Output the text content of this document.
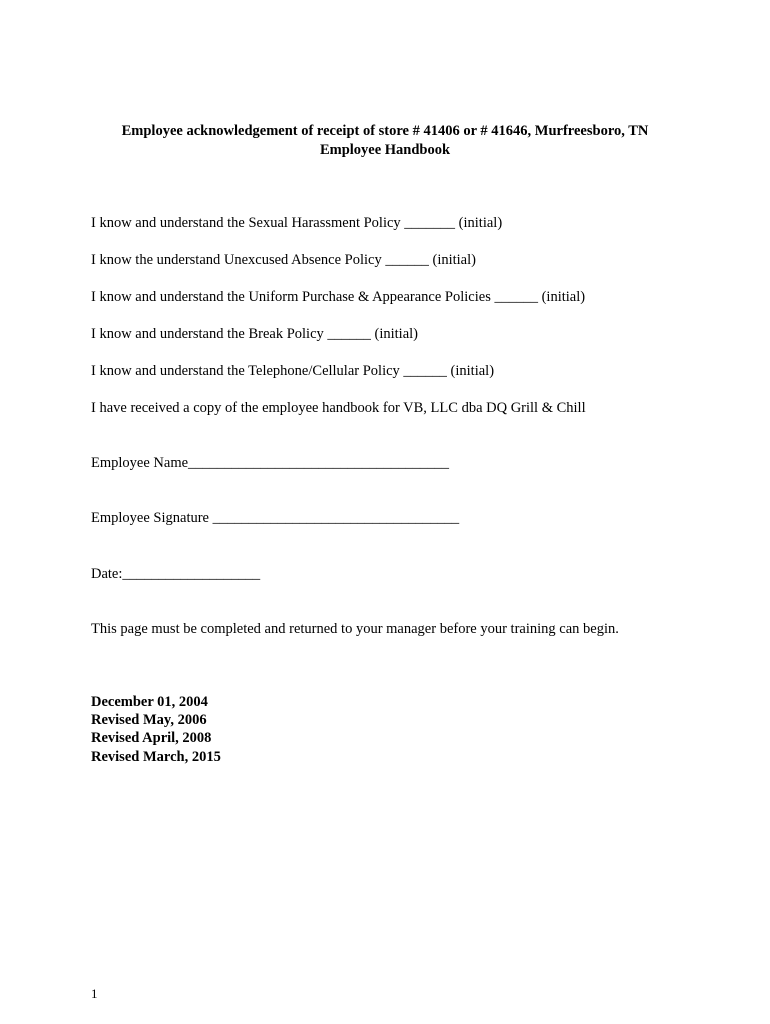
Employee acknowledgement of receipt of store # 41406 or # 41646, Murfreesboro, TN
Employee Handbook
I know and understand the Sexual Harassment Policy _______ (initial)
I know the understand Unexcused Absence Policy ______ (initial)
I know and understand the Uniform Purchase & Appearance Policies ______ (initial)
I know and understand the Break Policy ______ (initial)
I know and understand the Telephone/Cellular Policy ______ (initial)
I have received a copy of the employee handbook for VB, LLC dba DQ Grill & Chill
Employee Name____________________________________
Employee Signature __________________________________
Date:___________________
This page must be completed and returned to your manager before your training can begin.
December 01, 2004
Revised May, 2006
Revised April, 2008
Revised March, 2015
1
